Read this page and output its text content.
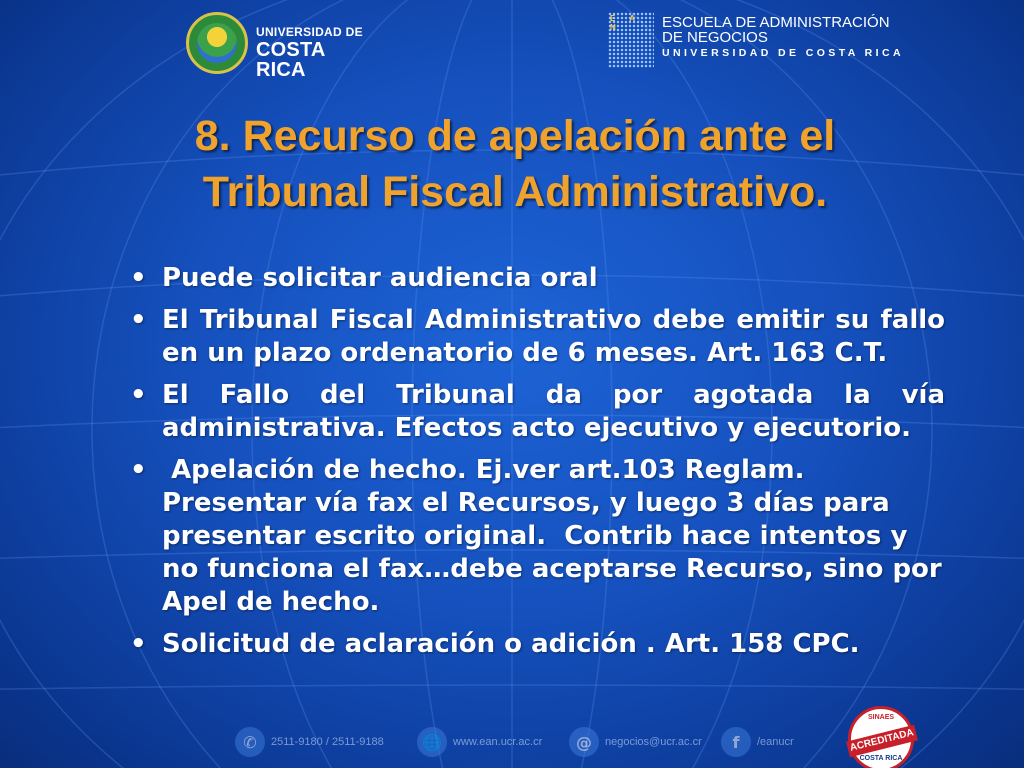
UNIVERSIDAD DE
COSTA RICA
E A N	ESCUELA DE ADMINISTRACIÓN
DE NEGOCIOS
UNIVERSIDAD DE COSTA RICA
8. Recurso de apelación ante el
Tribunal Fiscal Administrativo.
• Puede solicitar audiencia oral
• El Tribunal Fiscal Administrativo debe emitir su fallo en un plazo ordenatorio de 6 meses. Art. 163 C.T.
• El Fallo del Tribunal da por agotada la vía administrativa. Efectos acto ejecutivo y ejecutorio.
• Apelación de hecho. Ej.ver art.103 Reglam. Presentar vía fax el Recursos, y luego 3 días para  presentar escrito original.  Contrib hace intentos y no funciona el fax…debe aceptarse Recurso, sino por Apel de hecho.
• Solicitud de aclaración o adición . Art. 158 CPC.
✆	2511-9180 / 2511-9188	🌐	www.ean.ucr.ac.cr	@	negocios@ucr.ac.cr	f	/eanucr
SINAES
ACREDITADA
COSTA RICA
